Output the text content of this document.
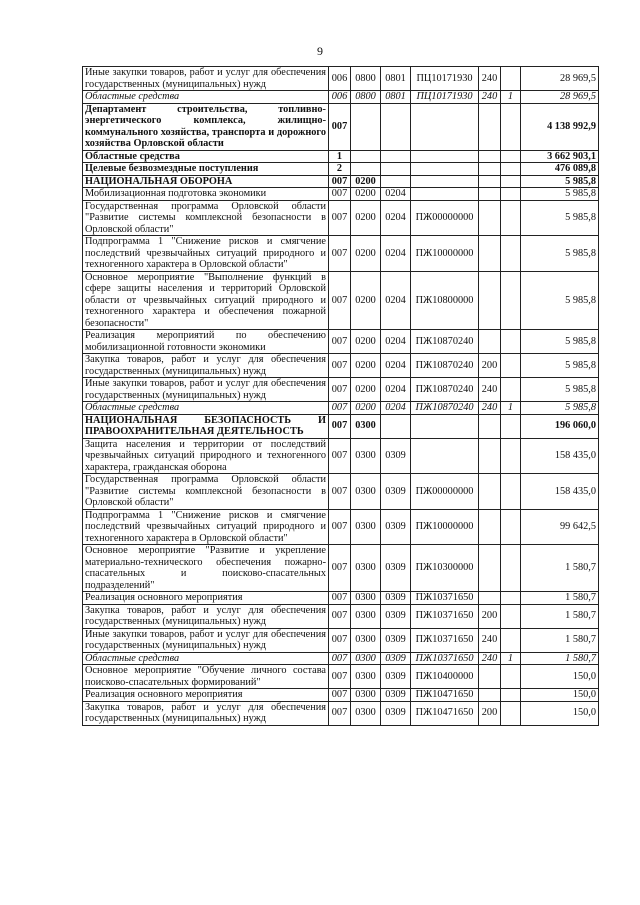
9
Иные закупки товаров, работ и услуг для обеспечения государственных (муниципальных) нужд	006	0800	0801	ПЦ10171930	240		28 969,5
Областные средства	006	0800	0801	ПЦ10171930	240	1	28 969,5
Департамент строительства, топливно-энергетического комплекса, жилищно-коммунального хозяйства, транспорта и дорожного хозяйства Орловской области	007						4 138 992,9
Областные средства	1						3 662 903,1
Целевые безвозмездные поступления	2						476 089,8
НАЦИОНАЛЬНАЯ ОБОРОНА	007	0200					5 985,8
Мобилизационная подготовка экономики	007	0200	0204				5 985,8
Государственная программа Орловской области "Развитие системы комплексной безопасности в Орловской области"	007	0200	0204	ПЖ00000000			5 985,8
Подпрограмма 1 "Снижение рисков и смягчение последствий чрезвычайных ситуаций природного и техногенного характера в Орловской области"	007	0200	0204	ПЖ10000000			5 985,8
Основное мероприятие "Выполнение функций в сфере защиты населения и территорий Орловской области от чрезвычайных ситуаций природного и техногенного характера и обеспечения пожарной безопасности"	007	0200	0204	ПЖ10800000			5 985,8
Реализация мероприятий по обеспечению мобилизационной готовности экономики	007	0200	0204	ПЖ10870240			5 985,8
Закупка товаров, работ и услуг для обеспечения государственных (муниципальных) нужд	007	0200	0204	ПЖ10870240	200		5 985,8
Иные закупки товаров, работ и услуг для обеспечения государственных (муниципальных) нужд	007	0200	0204	ПЖ10870240	240		5 985,8
Областные средства	007	0200	0204	ПЖ10870240	240	1	5 985,8
НАЦИОНАЛЬНАЯ БЕЗОПАСНОСТЬ И ПРАВООХРАНИТЕЛЬНАЯ ДЕЯТЕЛЬНОСТЬ	007	0300					196 060,0
Защита населения и территории от последствий чрезвычайных ситуаций природного и техногенного характера, гражданская оборона	007	0300	0309				158 435,0
Государственная программа Орловской области "Развитие системы комплексной безопасности в Орловской области"	007	0300	0309	ПЖ00000000			158 435,0
Подпрограмма 1 "Снижение рисков и смягчение последствий чрезвычайных ситуаций природного и техногенного характера в Орловской области"	007	0300	0309	ПЖ10000000			99 642,5
Основное мероприятие "Развитие и укрепление материально-технического обеспечения пожарно-спасательных и поисково-спасательных подразделений"	007	0300	0309	ПЖ10300000			1 580,7
Реализация основного мероприятия	007	0300	0309	ПЖ10371650			1 580,7
Закупка товаров, работ и услуг для обеспечения государственных (муниципальных) нужд	007	0300	0309	ПЖ10371650	200		1 580,7
Иные закупки товаров, работ и услуг для обеспечения государственных (муниципальных) нужд	007	0300	0309	ПЖ10371650	240		1 580,7
Областные средства	007	0300	0309	ПЖ10371650	240	1	1 580,7
Основное мероприятие "Обучение личного состава поисково-спасательных формирований"	007	0300	0309	ПЖ10400000			150,0
Реализация основного мероприятия	007	0300	0309	ПЖ10471650			150,0
Закупка товаров, работ и услуг для обеспечения государственных (муниципальных) нужд	007	0300	0309	ПЖ10471650	200		150,0
